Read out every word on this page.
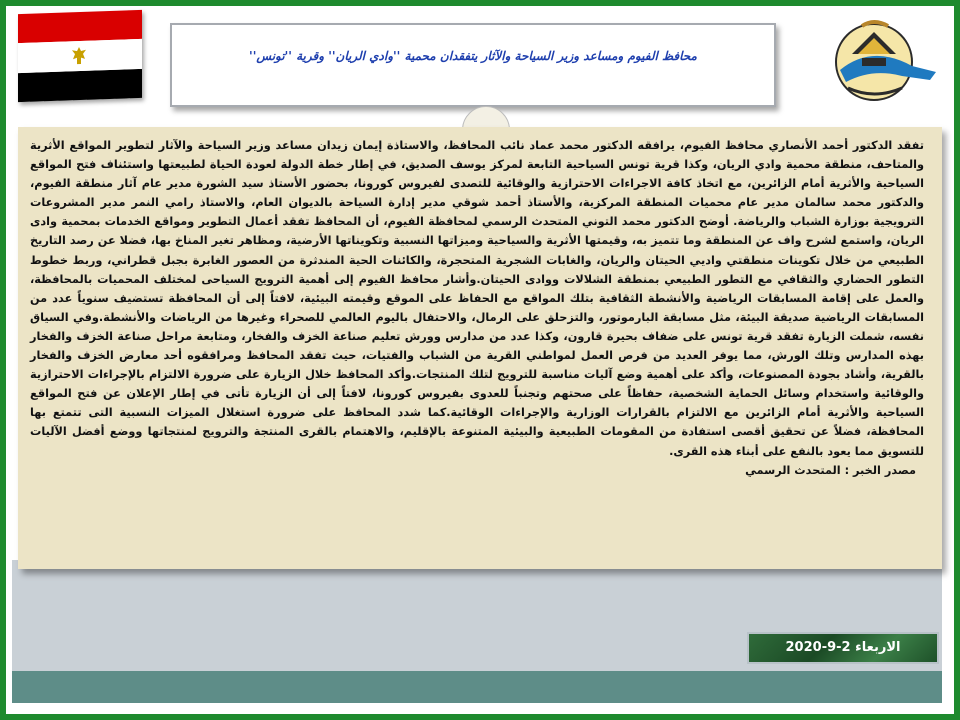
محافظ الفيوم ومساعد وزير السياحة والآثار يتفقدان محمية ''وادي الريان'' وقرية ''تونس''

تفقد الدكتور أحمد الأنصاري محافظ الفيوم، يرافقه الدكتور محمد عماد نائب المحافظ، والاستاذة إيمان زيدان مساعد وزير السياحة والآثار لتطوير المواقع الأثرية والمتاحف، منطقة محمية وادي الريان، وكذا قرية تونس السياحية التابعة لمركز يوسف الصديق، في إطار خطة الدولة لعودة الحياة لطبيعتها واستئناف فتح المواقع السياحية والأثرية أمام الزائرين، مع اتخاذ كافة الاجراءات الاحترازية والوقائية للتصدى لفيروس كورونا، بحضور الأستاذ سيد الشورة مدير عام آثار منطقة الفيوم، والدكتور محمد سالمان مدير عام محميات المنطقة المركزية، والأستاذ أحمد شوقي مدير إدارة السياحة بالديوان العام، والاستاذ رامي النمر مدير المشروعات الترويجية بوزارة الشباب والرياضة. أوضح الدكتور محمد التوني المتحدث الرسمي لمحافظة الفيوم، أن المحافظ تفقد أعمال التطوير ومواقع الخدمات بمحمية وادى الريان، واستمع لشرح واف عن المنطقة وما تتميز به، وقيمتها الأثرية والسياحية وميزاتها النسبية وتكويناتها الأرضية، ومظاهر تغير المناخ بها، فضلا عن رصد التاريخ الطبيعي من خلال تكوينات منطقتي واديي الحيتان والريان، والغابات الشجرية المتحجرة، والكائنات الحية المندثرة من العصور الغابرة بجبل قطراني، وربط خطوط التطور الحضاري والثقافي مع التطور الطبيعي بمنطقة الشلالات ووادى الحيتان.وأشار محافظ الفيوم إلى أهمية الترويج السياحى لمختلف المحميات بالمحافظة، والعمل على إقامة المسابقات الرياضية والأنشطة الثقافية بتلك المواقع مع الحفاظ على الموقع وقيمته البيئية، لافتاً إلى أن المحافظة تستضيف سنوياً عدد من المسابقات الرياضية صديقة البيئة، مثل مسابقة البارموتور، والتزحلق على الرمال، والاحتفال باليوم العالمي للصحراء وغيرها من الرياضات والأنشطة.وفي السياق نفسه، شملت الزيارة تفقد قرية تونس على ضفاف بحيرة قارون، وكذا عدد من مدارس وورش تعليم صناعة الخزف والفخار، ومتابعة مراحل صناعة الخزف والفخار بهذه المدارس وتلك الورش، مما يوفر العديد من فرص العمل لمواطني القرية من الشباب والفتيات، حيث تفقد المحافظ ومرافقوه أحد معارض الخزف والفخار بالقرية، وأشاد بجودة المصنوعات، وأكد على أهمية وضع آليات مناسبة للترويج لتلك المنتجات.وأكد المحافظ خلال الزيارة على ضرورة الالتزام بالإجراءات الاحترازية والوقائية واستخدام وسائل الحماية الشخصية، حفاظاً على صحتهم وتجنباً للعدوى بفيروس كورونا، لافتاً إلى أن الزيارة تأتى في إطار الإعلان عن فتح المواقع السياحية والأثرية أمام الزائرين مع الالتزام بالقرارات الوزارية والإجراءات الوقائية.كما شدد المحافظ على ضرورة استغلال الميزات النسبية التى تتمتع بها المحافظة، فضلاً عن تحقيق أقصى استفادة من المقومات الطبيعية والبيئية المتنوعة بالإقليم، والاهتمام بالقرى المنتجة والترويج لمنتجاتها ووضع أفضل الآليات للتسويق مما يعود بالنفع على أبناء هذه القرى.

مصدر الخبر : المتحدث الرسمي

الاربعاء 2-9-2020
